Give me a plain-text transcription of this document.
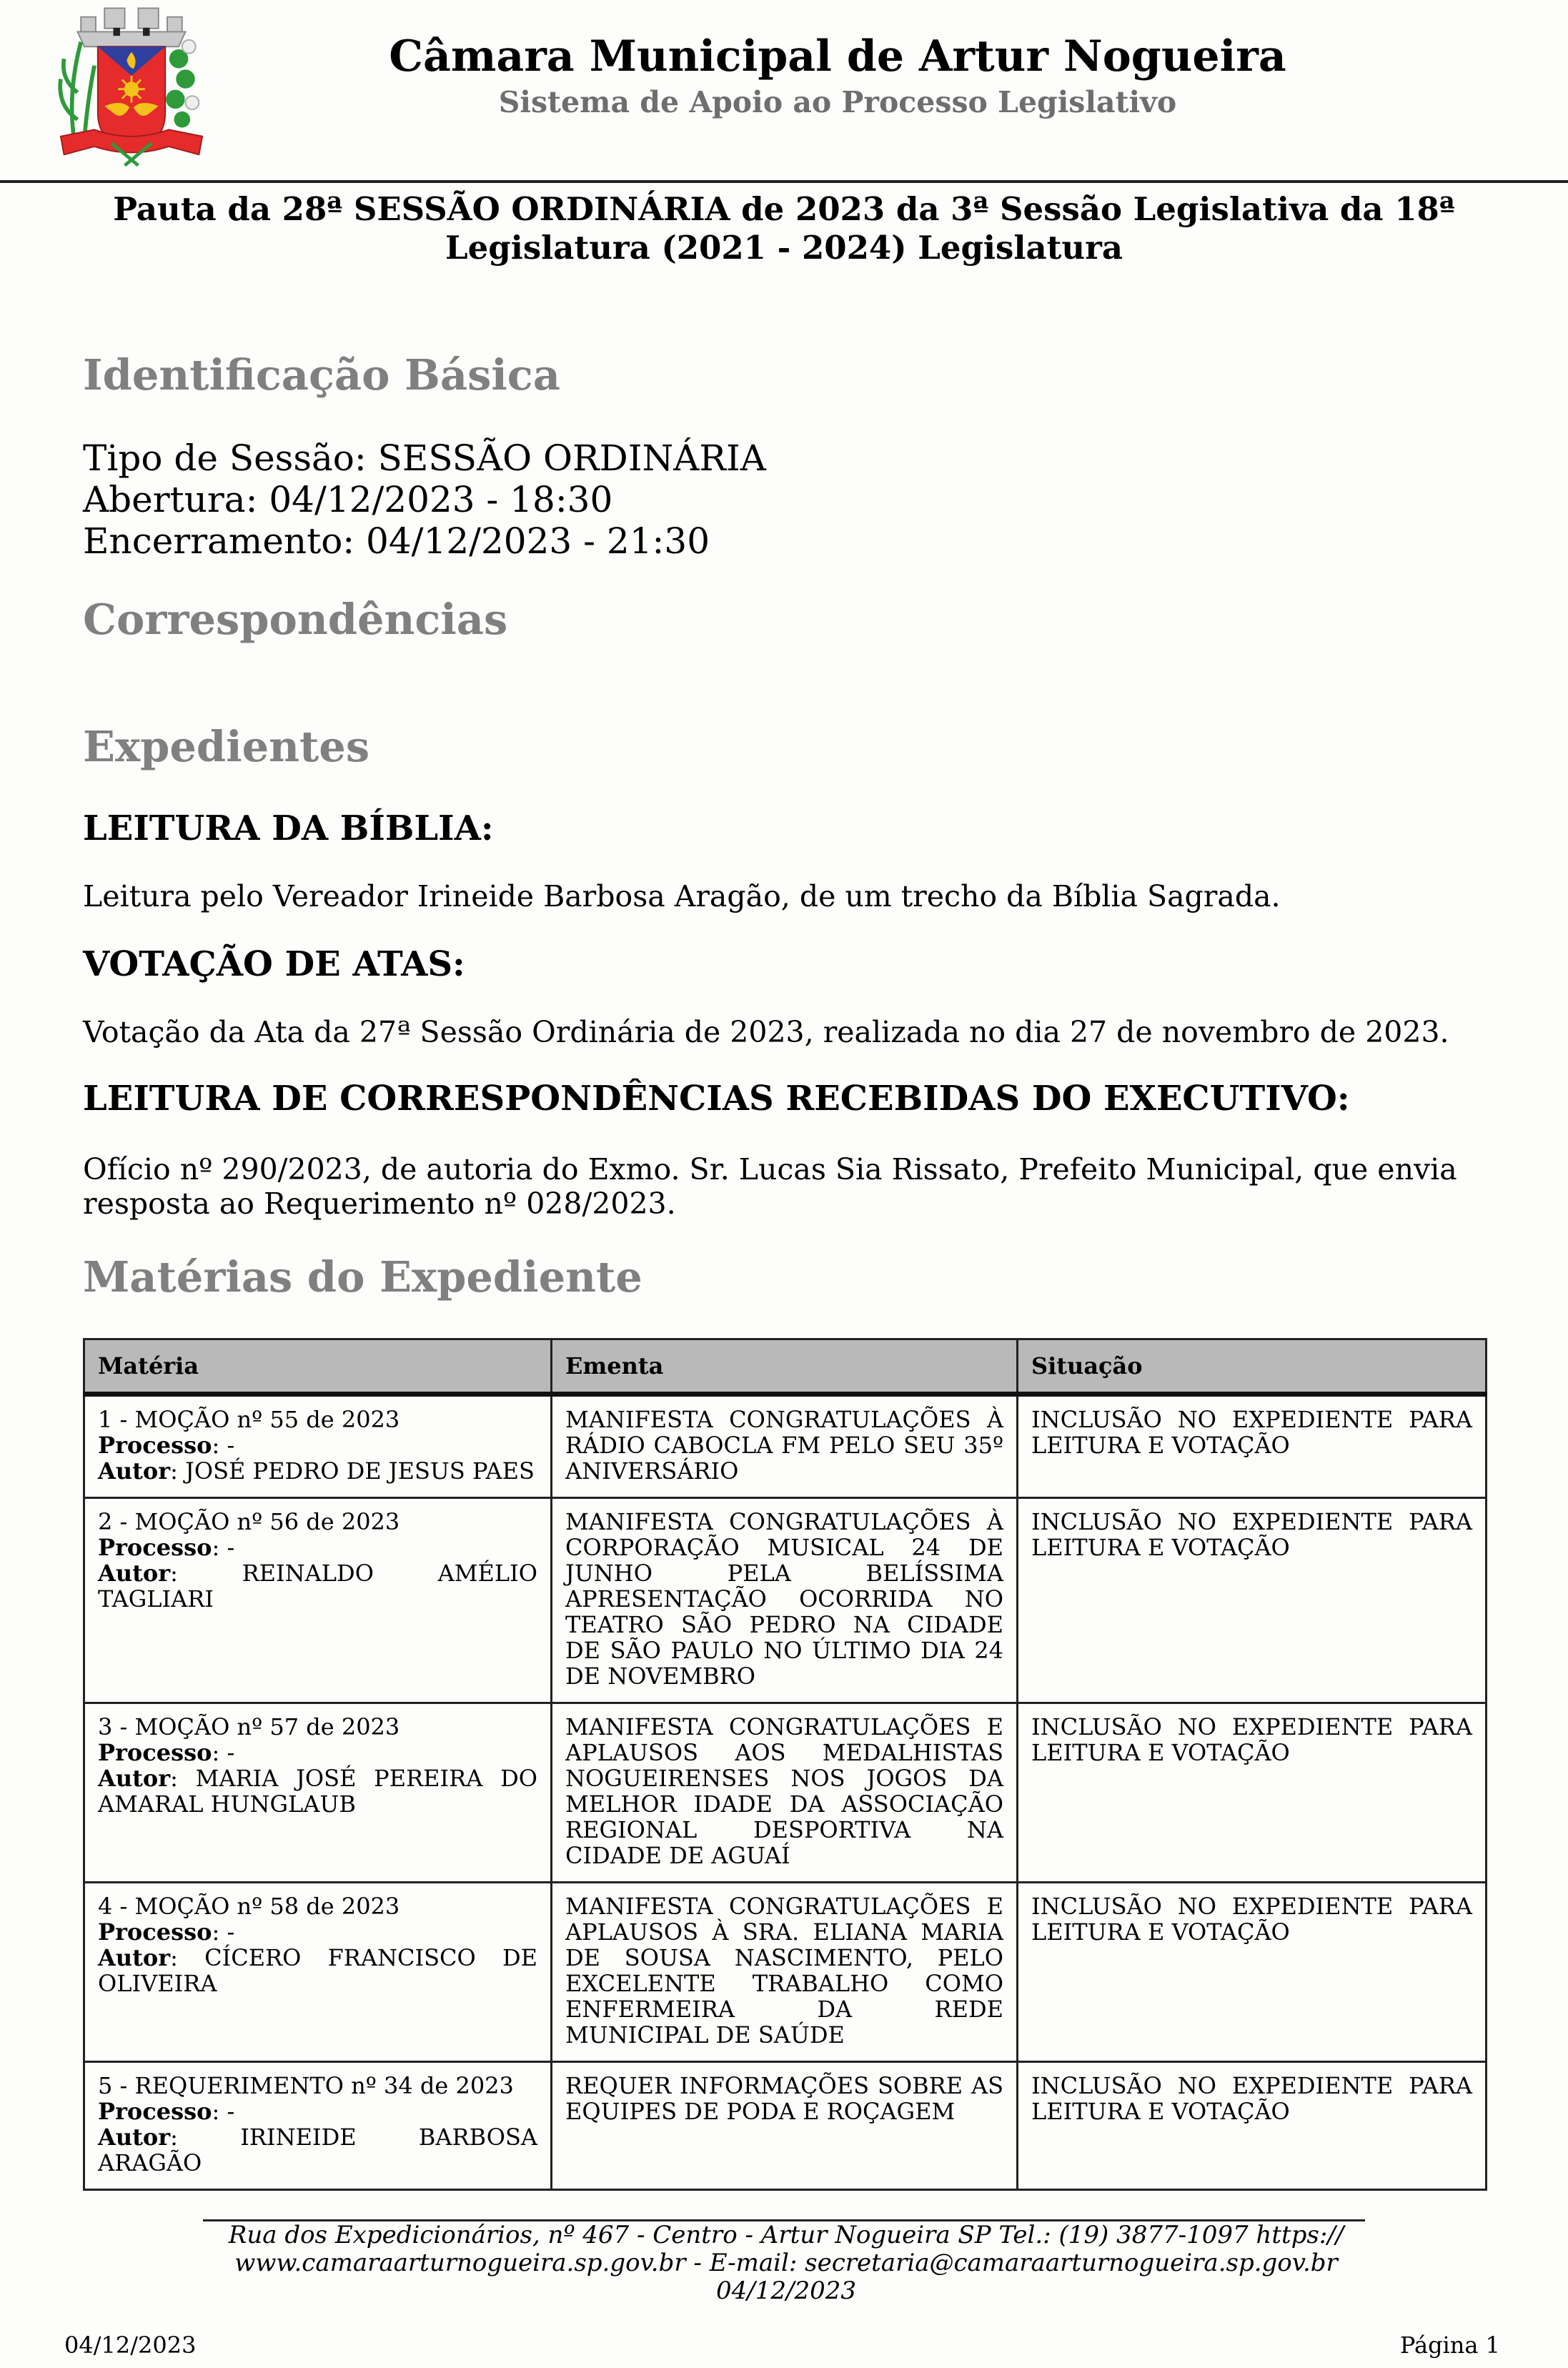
Câmara Municipal de Artur Nogueira
Sistema de Apoio ao Processo Legislativo
Pauta da 28ª SESSÃO ORDINÁRIA de 2023 da 3ª Sessão Legislativa da 18ª Legislatura (2021 - 2024) Legislatura
Identificação Básica
Tipo de Sessão: SESSÃO ORDINÁRIA
Abertura: 04/12/2023 - 18:30
Encerramento: 04/12/2023 - 21:30
Correspondências
Expedientes
LEITURA DA BÍBLIA:
Leitura pelo Vereador Irineide Barbosa Aragão, de um trecho da Bíblia Sagrada.
VOTAÇÃO DE ATAS:
Votação da Ata da 27ª Sessão Ordinária de 2023, realizada no dia 27 de novembro de 2023.
LEITURA DE CORRESPONDÊNCIAS RECEBIDAS DO EXECUTIVO:
Ofício nº 290/2023, de autoria do Exmo. Sr. Lucas Sia Rissato, Prefeito Municipal, que envia resposta ao Requerimento nº 028/2023.
Matérias do Expediente
Matéria	Ementa	Situação

1 - MOÇÃO nº 55 de 2023
Processo: -
Autor: JOSÉ PEDRO DE JESUS PAES	MANIFESTA CONGRATULAÇÕES À RÁDIO CABOCLA FM PELO SEU 35º ANIVERSÁRIO	INCLUSÃO NO EXPEDIENTE PARA LEITURA E VOTAÇÃO

2 - MOÇÃO nº 56 de 2023
Processo: -
Autor: REINALDO AMÉLIO TAGLIARI	MANIFESTA CONGRATULAÇÕES À CORPORAÇÃO MUSICAL 24 DE JUNHO PELA BELÍSSIMA APRESENTAÇÃO OCORRIDA NO TEATRO SÃO PEDRO NA CIDADE DE SÃO PAULO NO ÚLTIMO DIA 24 DE NOVEMBRO	INCLUSÃO NO EXPEDIENTE PARA LEITURA E VOTAÇÃO

3 - MOÇÃO nº 57 de 2023
Processo: -
Autor: MARIA JOSÉ PEREIRA DO AMARAL HUNGLAUB	MANIFESTA CONGRATULAÇÕES E APLAUSOS AOS MEDALHISTAS NOGUEIRENSES NOS JOGOS DA MELHOR IDADE DA ASSOCIAÇÃO REGIONAL DESPORTIVA NA CIDADE DE AGUAÍ	INCLUSÃO NO EXPEDIENTE PARA LEITURA E VOTAÇÃO

4 - MOÇÃO nº 58 de 2023
Processo: -
Autor: CÍCERO FRANCISCO DE OLIVEIRA	MANIFESTA CONGRATULAÇÕES E APLAUSOS À SRA. ELIANA MARIA DE SOUSA NASCIMENTO, PELO EXCELENTE TRABALHO COMO ENFERMEIRA DA REDE MUNICIPAL DE SAÚDE	INCLUSÃO NO EXPEDIENTE PARA LEITURA E VOTAÇÃO

5 - REQUERIMENTO nº 34 de 2023
Processo: -
Autor: IRINEIDE BARBOSA ARAGÃO	REQUER INFORMAÇÕES SOBRE AS EQUIPES DE PODA E ROÇAGEM	INCLUSÃO NO EXPEDIENTE PARA LEITURA E VOTAÇÃO
Rua dos Expedicionários, nº 467 - Centro - Artur Nogueira SP Tel.: (19) 3877-1097 https:// www.camaraarturnogueira.sp.gov.br - E-mail: secretaria@camaraarturnogueira.sp.gov.br
04/12/2023
04/12/2023	Página 1
